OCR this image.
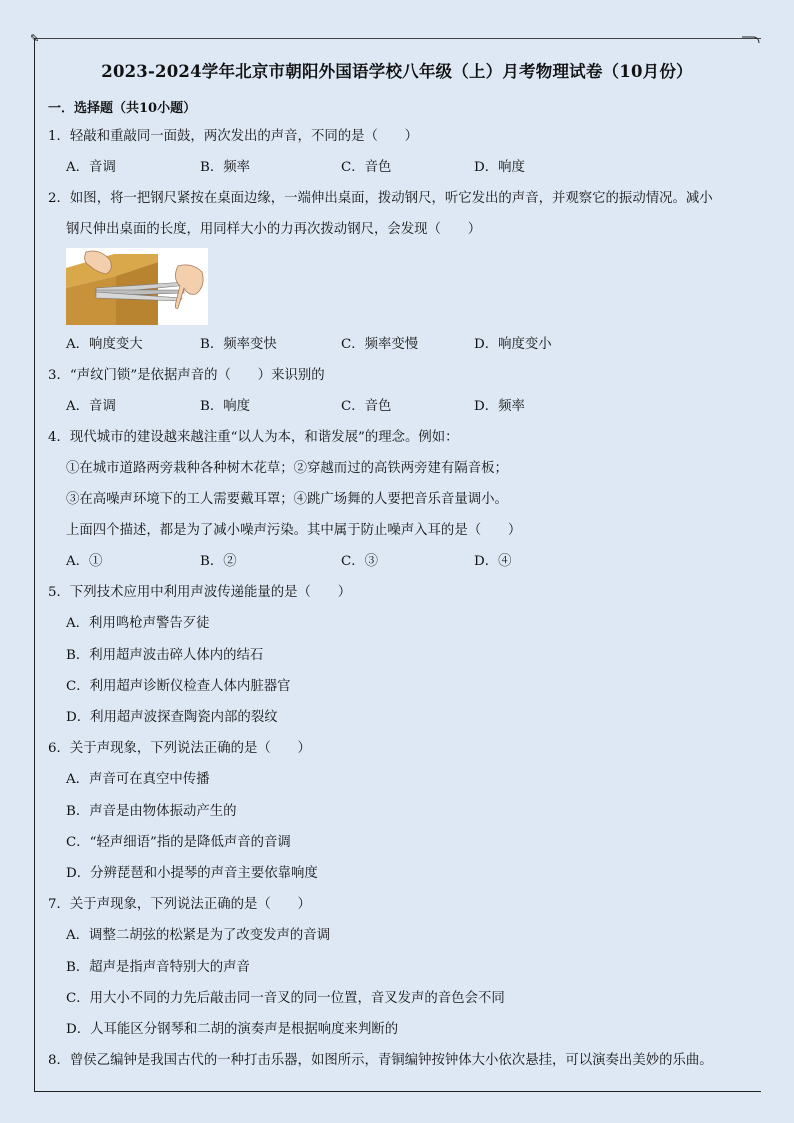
✎
2023-2024学年北京市朝阳外国语学校八年级（上）月考物理试卷（10月份）
一．选择题（共10小题）
1．轻敲和重敲同一面鼓，两次发出的声音，不同的是（　　）
A．音调	B．频率	C．音色	D．响度
2．如图，将一把钢尺紧按在桌面边缘，一端伸出桌面，拨动钢尺，听它发出的声音，并观察它的振动情况。减小
钢尺伸出桌面的长度，用同样大小的力再次拨动钢尺，会发现（　　）
A．响度变大	B．频率变快	C．频率变慢	D．响度变小
3．“声纹门锁”是依据声音的（　　）来识别的
A．音调	B．响度	C．音色	D．频率
4．现代城市的建设越来越注重“以人为本，和谐发展”的理念。例如：
①在城市道路两旁栽种各种树木花草；②穿越而过的高铁两旁建有隔音板；
③在高噪声环境下的工人需要戴耳罩；④跳广场舞的人要把音乐音量调小。
上面四个描述，都是为了减小噪声污染。其中属于防止噪声入耳的是（　　）
A．①	B．②	C．③	D．④
5．下列技术应用中利用声波传递能量的是（　　）
A．利用鸣枪声警告歹徒
B．利用超声波击碎人体内的结石
C．利用超声诊断仪检查人体内脏器官
D．利用超声波探查陶瓷内部的裂纹
6．关于声现象，下列说法正确的是（　　）
A．声音可在真空中传播
B．声音是由物体振动产生的
C．“轻声细语”指的是降低声音的音调
D．分辨琵琶和小提琴的声音主要依靠响度
7．关于声现象，下列说法正确的是（　　）
A．调整二胡弦的松紧是为了改变发声的音调
B．超声是指声音特别大的声音
C．用大小不同的力先后敲击同一音叉的同一位置，音叉发声的音色会不同
D．人耳能区分钢琴和二胡的演奏声是根据响度来判断的
8．曾侯乙编钟是我国古代的一种打击乐器，如图所示，青铜编钟按钟体大小依次悬挂，可以演奏出美妙的乐曲。
